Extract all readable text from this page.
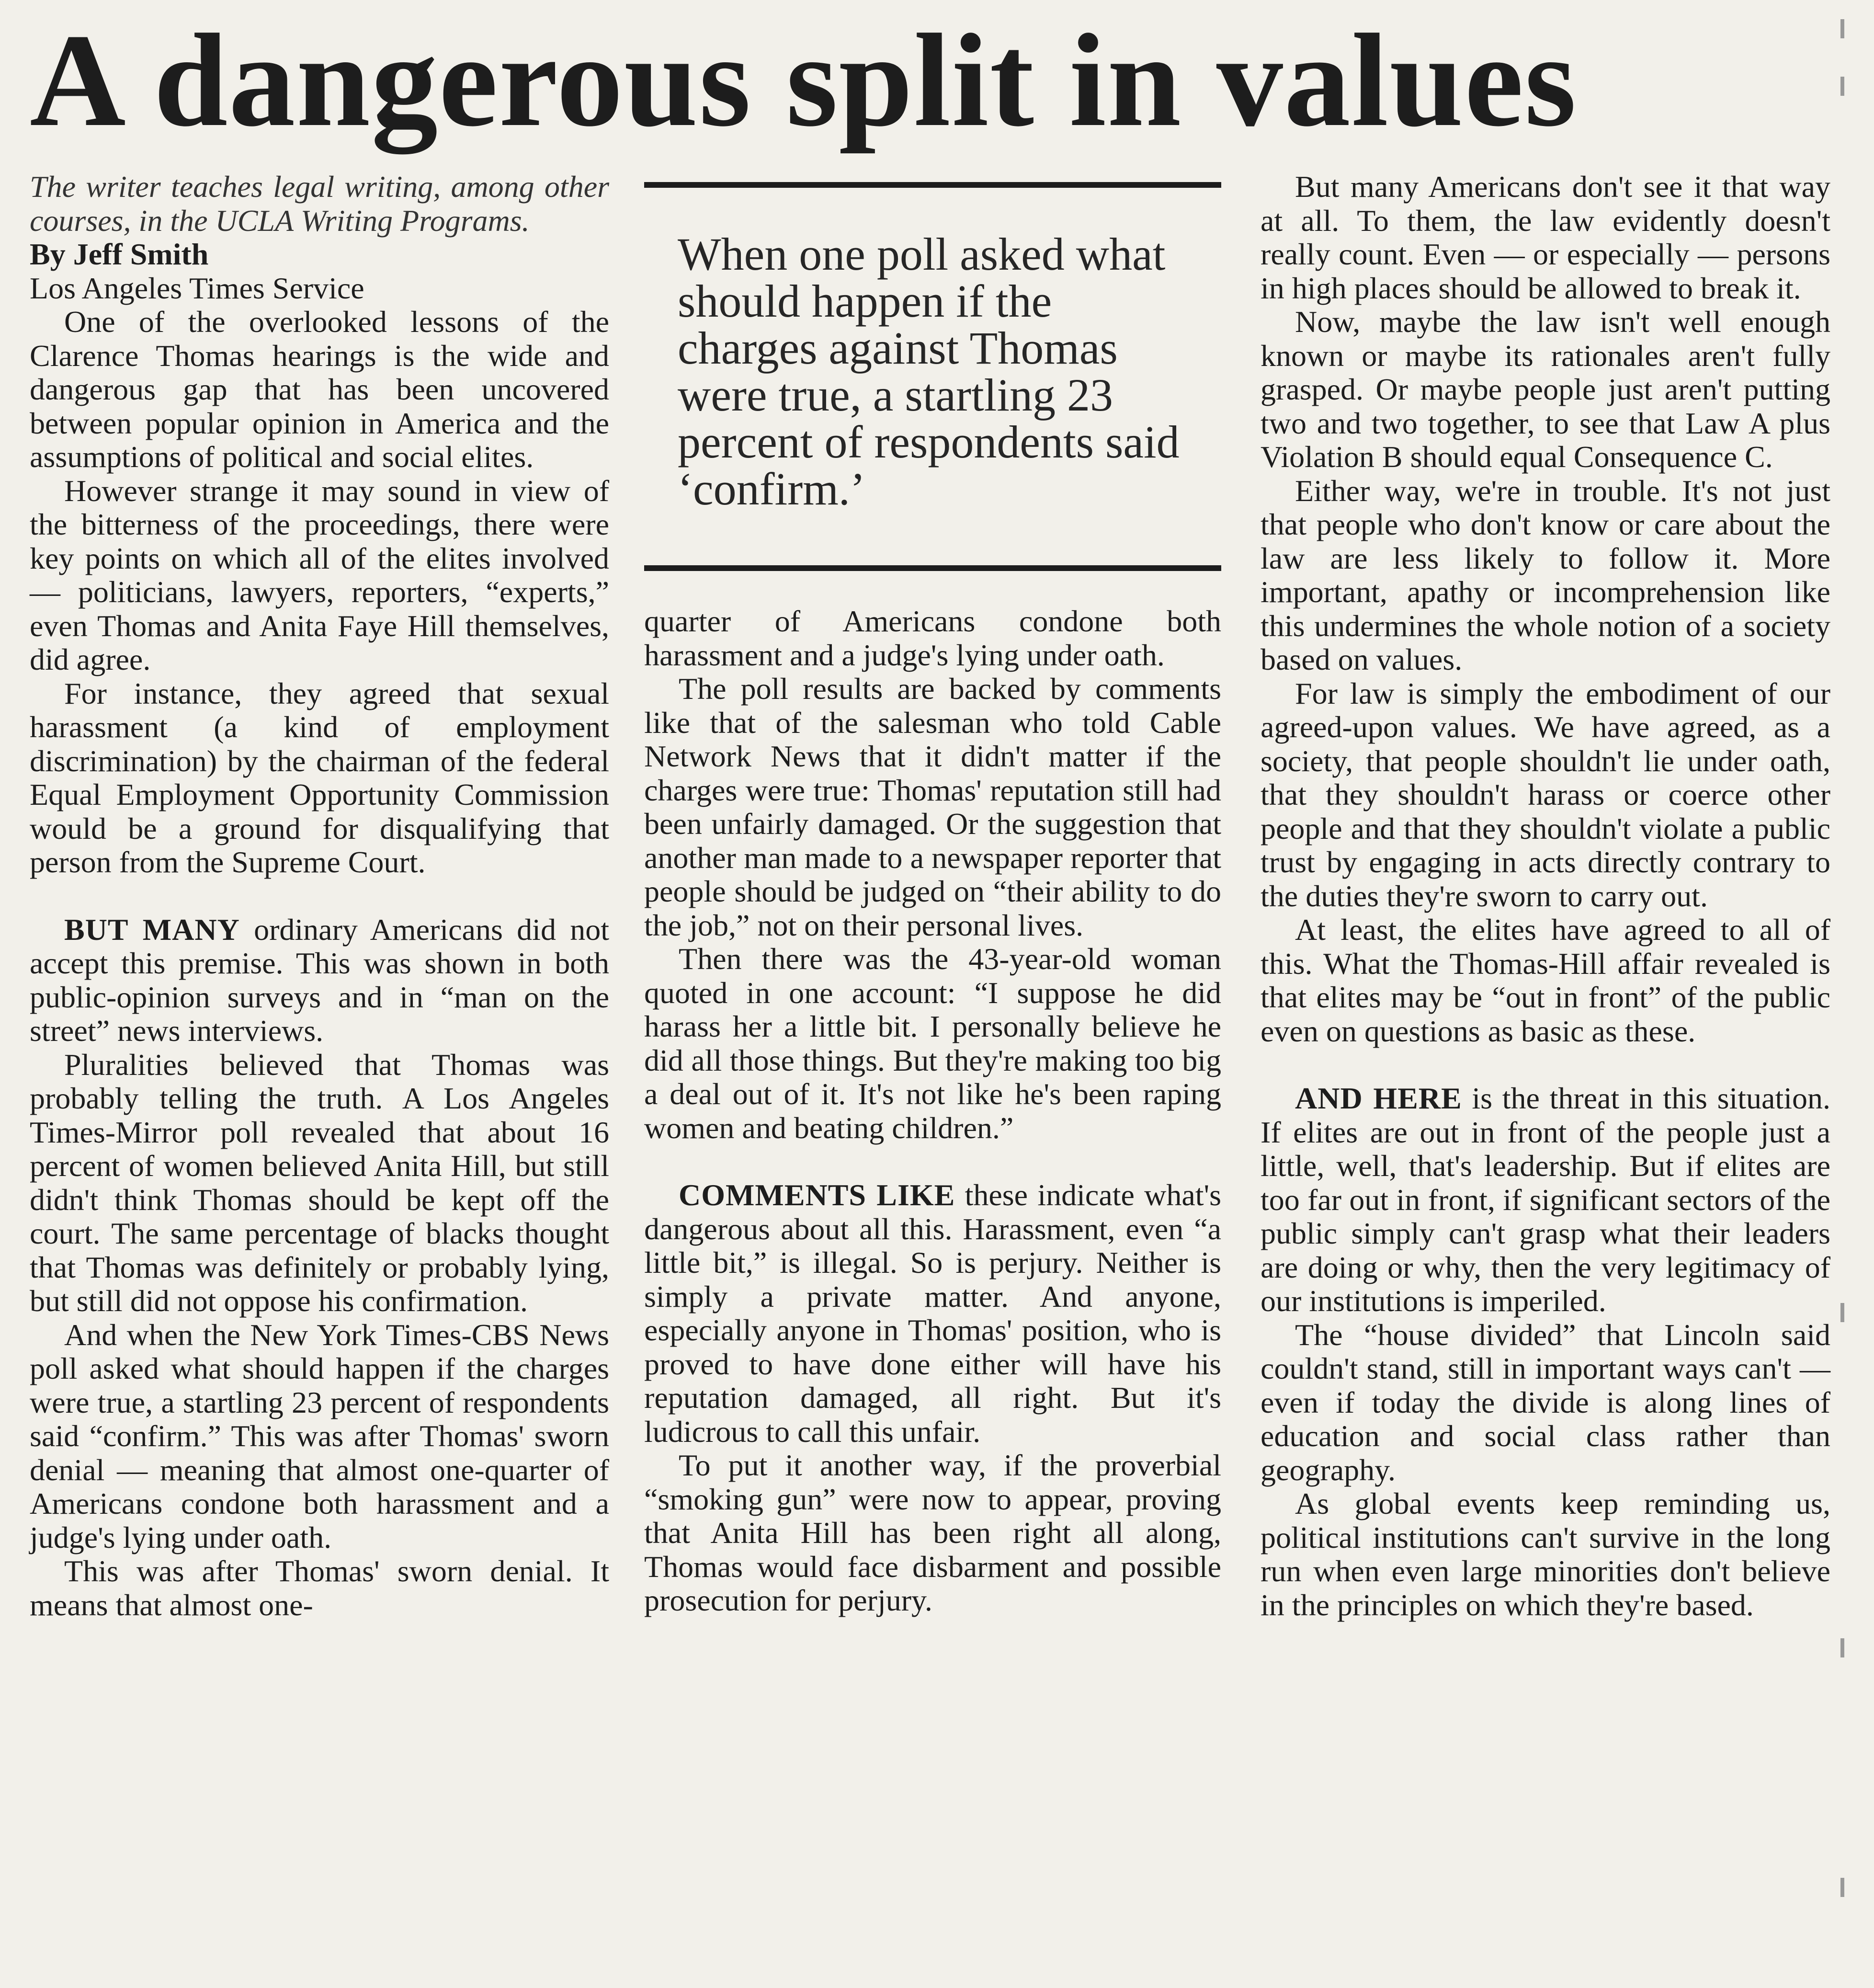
A dangerous split in values

The writer teaches legal writing, among other courses, in the UCLA Writing Programs.

By Jeff Smith

Los Angeles Times Service

One of the overlooked lessons of the Clarence Thomas hearings is the wide and dangerous gap that has been uncovered between popular opinion in America and the assumptions of political and social elites.

However strange it may sound in view of the bitterness of the proceedings, there were key points on which all of the elites involved — politicians, lawyers, reporters, “experts,” even Thomas and Anita Faye Hill themselves, did agree.

For instance, they agreed that sexual harassment (a kind of employment discrimination) by the chairman of the federal Equal Employment Opportunity Commission would be a ground for disqualifying that person from the Supreme Court.

BUT MANY ordinary Americans did not accept this premise. This was shown in both public-opinion surveys and in “man on the street” news interviews.

Pluralities believed that Thomas was probably telling the truth. A Los Angeles Times-Mirror poll revealed that about 16 percent of women believed Anita Hill, but still didn't think Thomas should be kept off the court. The same percentage of blacks thought that Thomas was definitely or probably lying, but still did not oppose his confirmation.

And when the New York Times-CBS News poll asked what should happen if the charges were true, a startling 23 percent of respondents said “confirm.” This was after Thomas' sworn denial — meaning that almost one-quarter of Americans condone both harassment and a judge's lying under oath.

This was after Thomas' sworn denial. It means that almost one-

When one poll asked what should happen if the charges against Thomas were true, a startling 23 percent of respondents said ‘confirm.’

quarter of Americans condone both harassment and a judge's lying under oath.

The poll results are backed by comments like that of the salesman who told Cable Network News that it didn't matter if the charges were true: Thomas' reputation still had been unfairly damaged. Or the suggestion that another man made to a newspaper reporter that people should be judged on “their ability to do the job,” not on their personal lives.

Then there was the 43-year-old woman quoted in one account: “I suppose he did harass her a little bit. I personally believe he did all those things. But they're making too big a deal out of it. It's not like he's been raping women and beating children.”

COMMENTS LIKE these indicate what's dangerous about all this. Harassment, even “a little bit,” is illegal. So is perjury. Neither is simply a private matter. And anyone, especially anyone in Thomas' position, who is proved to have done either will have his reputation damaged, all right. But it's ludicrous to call this unfair.

To put it another way, if the proverbial “smoking gun” were now to appear, proving that Anita Hill has been right all along, Thomas would face disbarment and possible prosecution for perjury.

But many Americans don't see it that way at all. To them, the law evidently doesn't really count. Even — or especially — persons in high places should be allowed to break it.

Now, maybe the law isn't well enough known or maybe its rationales aren't fully grasped. Or maybe people just aren't putting two and two together, to see that Law A plus Violation B should equal Consequence C.

Either way, we're in trouble. It's not just that people who don't know or care about the law are less likely to follow it. More important, apathy or incomprehension like this undermines the whole notion of a society based on values.

For law is simply the embodiment of our agreed-upon values. We have agreed, as a society, that people shouldn't lie under oath, that they shouldn't harass or coerce other people and that they shouldn't violate a public trust by engaging in acts directly contrary to the duties they're sworn to carry out.

At least, the elites have agreed to all of this. What the Thomas-Hill affair revealed is that elites may be “out in front” of the public even on questions as basic as these.

AND HERE is the threat in this situation. If elites are out in front of the people just a little, well, that's leadership. But if elites are too far out in front, if significant sectors of the public simply can't grasp what their leaders are doing or why, then the very legitimacy of our institutions is imperiled.

The “house divided” that Lincoln said couldn't stand, still in important ways can't — even if today the divide is along lines of education and social class rather than geography.

As global events keep reminding us, political institutions can't survive in the long run when even large minorities don't believe in the principles on which they're based.
